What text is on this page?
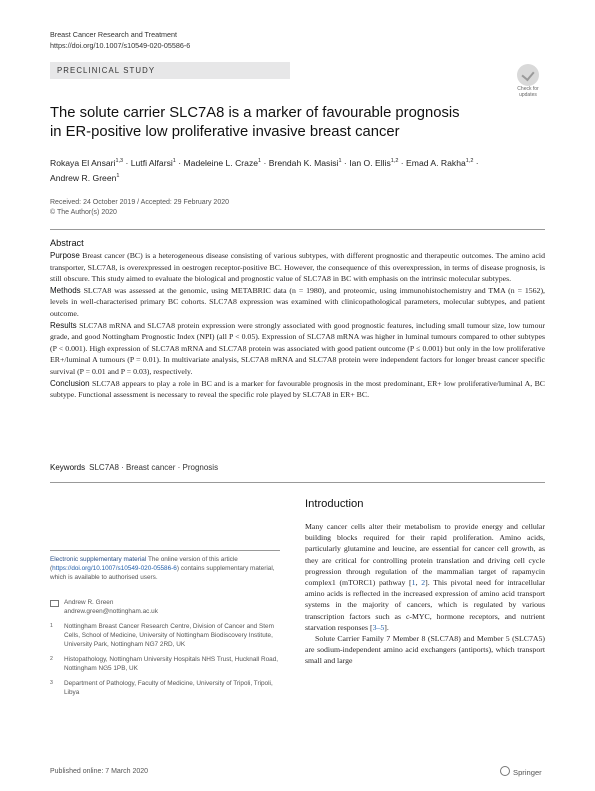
Breast Cancer Research and Treatment
https://doi.org/10.1007/s10549-020-05586-6
PRECLINICAL STUDY
Check for
updates
The solute carrier SLC7A8 is a marker of favourable prognosis
in ER-positive low proliferative invasive breast cancer
Rokaya El Ansari$^{1,3}$ · Lutfi Alfarsi$^1$ · Madeleine L. Craze$^1$ · Brendah K. Masisi$^1$ · Ian O. Ellis$^{1,2}$ · Emad A. Rakha$^{1,2}$ ·
Andrew R. Green$^1$
Received: 24 October 2019 / Accepted: 29 February 2020
© The Author(s) 2020
Abstract

Purpose Breast cancer (BC) is a heterogeneous disease consisting of various subtypes, with different prognostic and therapeutic outcomes. The amino acid transporter, SLC7A8, is overexpressed in oestrogen receptor-positive BC. However, the consequence of this overexpression, in terms of disease prognosis, is still obscure. This study aimed to evaluate the biological and prognostic value of SLC7A8 in BC with emphasis on the intrinsic molecular subtypes.

Methods SLC7A8 was assessed at the genomic, using METABRIC data (n = 1980), and proteomic, using immunohistochemistry and TMA (n = 1562), levels in well-characterised primary BC cohorts. SLC7A8 expression was examined with clinicopathological parameters, molecular subtypes, and patient outcome.

Results SLC7A8 mRNA and SLC7A8 protein expression were strongly associated with good prognostic features, including small tumour size, low tumour grade, and good Nottingham Prognostic Index (NPI) (all P < 0.05). Expression of SLC7A8 mRNA was higher in luminal tumours compared to other subtypes (P < 0.001). High expression of SLC7A8 mRNA and SLC7A8 protein was associated with good patient outcome (P ≤ 0.001) but only in the low proliferative ER+/luminal A tumours (P = 0.01). In multivariate analysis, SLC7A8 mRNA and SLC7A8 protein were independent factors for longer breast cancer specific survival (P = 0.01 and P = 0.03), respectively.

Conclusion SLC7A8 appears to play a role in BC and is a marker for favourable prognosis in the most predominant, ER+ low proliferative/luminal A, BC subtype. Functional assessment is necessary to reveal the specific role played by SLC7A8 in ER+ BC.

Keywords SLC7A8 · Breast cancer · Prognosis
Introduction

Many cancer cells alter their metabolism to provide energy and cellular building blocks required for their rapid proliferation. Amino acids, particularly glutamine and leucine, are essential for cancer cell growth, as they are critical for controlling protein translation and driving cell cycle progression through regulation of the mammalian target of rapamycin complex1 (mTORC1) pathway [1, 2]. This pivotal need for intracellular amino acids is reflected in the increased expression of amino acid transport systems in the majority of cancers, which is regulated by various transcription factors such as c-MYC, hormone receptors, and nutrient starvation responses [3–5].

Solute Carrier Family 7 Member 8 (SLC7A8) and Member 5 (SLC7A5) are sodium-independent amino acid exchangers (antiports), which transport small and large

Electronic supplementary material The online version of this article (https://doi.org/10.1007/s10549-020-05586-6) contains supplementary material, which is available to authorised users.
Andrew R. Green
andrew.green@nottingham.ac.uk
1 Nottingham Breast Cancer Research Centre, Division of Cancer and Stem Cells, School of Medicine, University of Nottingham Biodiscovery Institute, University Park, Nottingham NG7 2RD, UK
2 Histopathology, Nottingham University Hospitals NHS Trust, Hucknall Road, Nottingham NG5 1PB, UK
3 Department of Pathology, Faculty of Medicine, University of Tripoli, Tripoli, Libya
Published online: 7 March 2020	Springer
